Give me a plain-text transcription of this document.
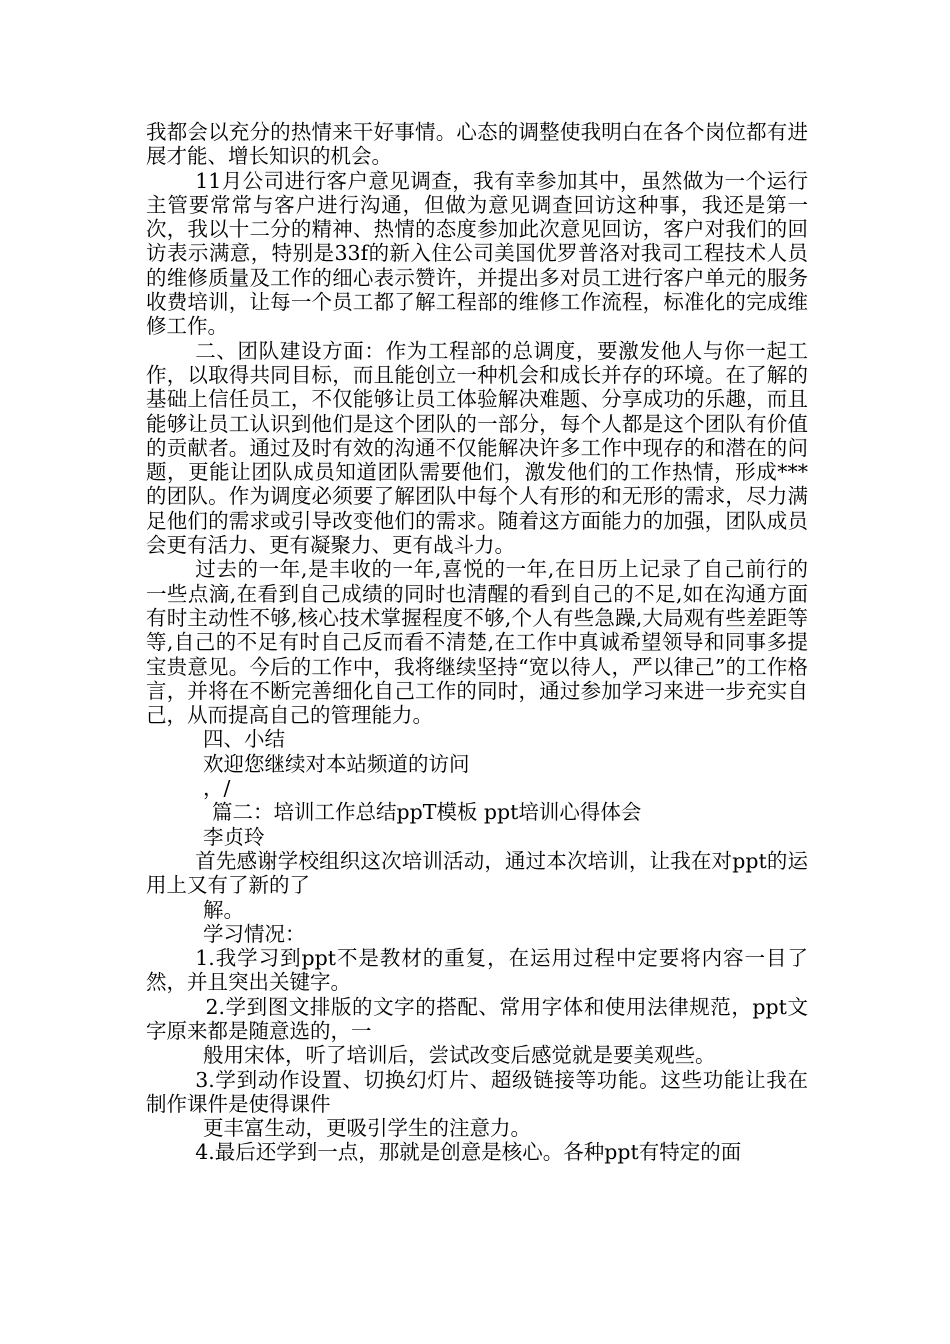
我都会以充分的热情来干好事情。心态的调整使我明白在各个岗位都有进展才能、增长知识的机会。

11月公司进行客户意见调查，我有幸参加其中，虽然做为一个运行主管要常常与客户进行沟通，但做为意见调查回访这种事，我还是第一次，我以十二分的精神、热情的态度参加此次意见回访，客户对我们的回访表示满意，特别是33f的新入住公司美国优罗普洛对我司工程技术人员的维修质量及工作的细心表示赞许，并提出多对员工进行客户单元的服务收费培训，让每一个员工都了解工程部的维修工作流程，标准化的完成维修工作。

二、团队建设方面：作为工程部的总调度，要激发他人与你一起工作，以取得共同目标，而且能创立一种机会和成长并存的环境。在了解的基础上信任员工，不仅能够让员工体验解决难题、分享成功的乐趣，而且能够让员工认识到他们是这个团队的一部分，每个人都是这个团队有价值的贡献者。通过及时有效的沟通不仅能解决许多工作中现存的和潜在的问题，更能让团队成员知道团队需要他们，激发他们的工作热情，形成***的团队。作为调度必须要了解团队中每个人有形的和无形的需求，尽力满足他们的需求或引导改变他们的需求。随着这方面能力的加强，团队成员会更有活力、更有凝聚力、更有战斗力。

过去的一年,是丰收的一年,喜悦的一年,在日历上记录了自己前行的一些点滴,在看到自己成绩的同时也清醒的看到自己的不足,如在沟通方面有时主动性不够,核心技术掌握程度不够,个人有些急躁,大局观有些差距等等,自己的不足有时自己反而看不清楚,在工作中真诚希望领导和同事多提宝贵意见。今后的工作中，我将继续坚持“宽以待人，严以律己”的工作格言，并将在不断完善细化自己工作的同时，通过参加学习来进一步充实自己，从而提高自己的管理能力。

四、小结

欢迎您继续对本站频道的访问

，/

篇二：培训工作总结ppT模板 ppt培训心得体会

李贞玲

首先感谢学校组织这次培训活动，通过本次培训，让我在对ppt的运用上又有了新的了

解。

学习情况：

1.我学习到ppt不是教材的重复，在运用过程中定要将内容一目了然，并且突出关键字。

2.学到图文排版的文字的搭配、常用字体和使用法律规范，ppt文字原来都是随意选的，一

般用宋体，听了培训后，尝试改变后感觉就是要美观些。

3.学到动作设置、切换幻灯片、超级链接等功能。这些功能让我在制作课件是使得课件

更丰富生动，更吸引学生的注意力。

4.最后还学到一点，那就是创意是核心。各种ppt有特定的面
